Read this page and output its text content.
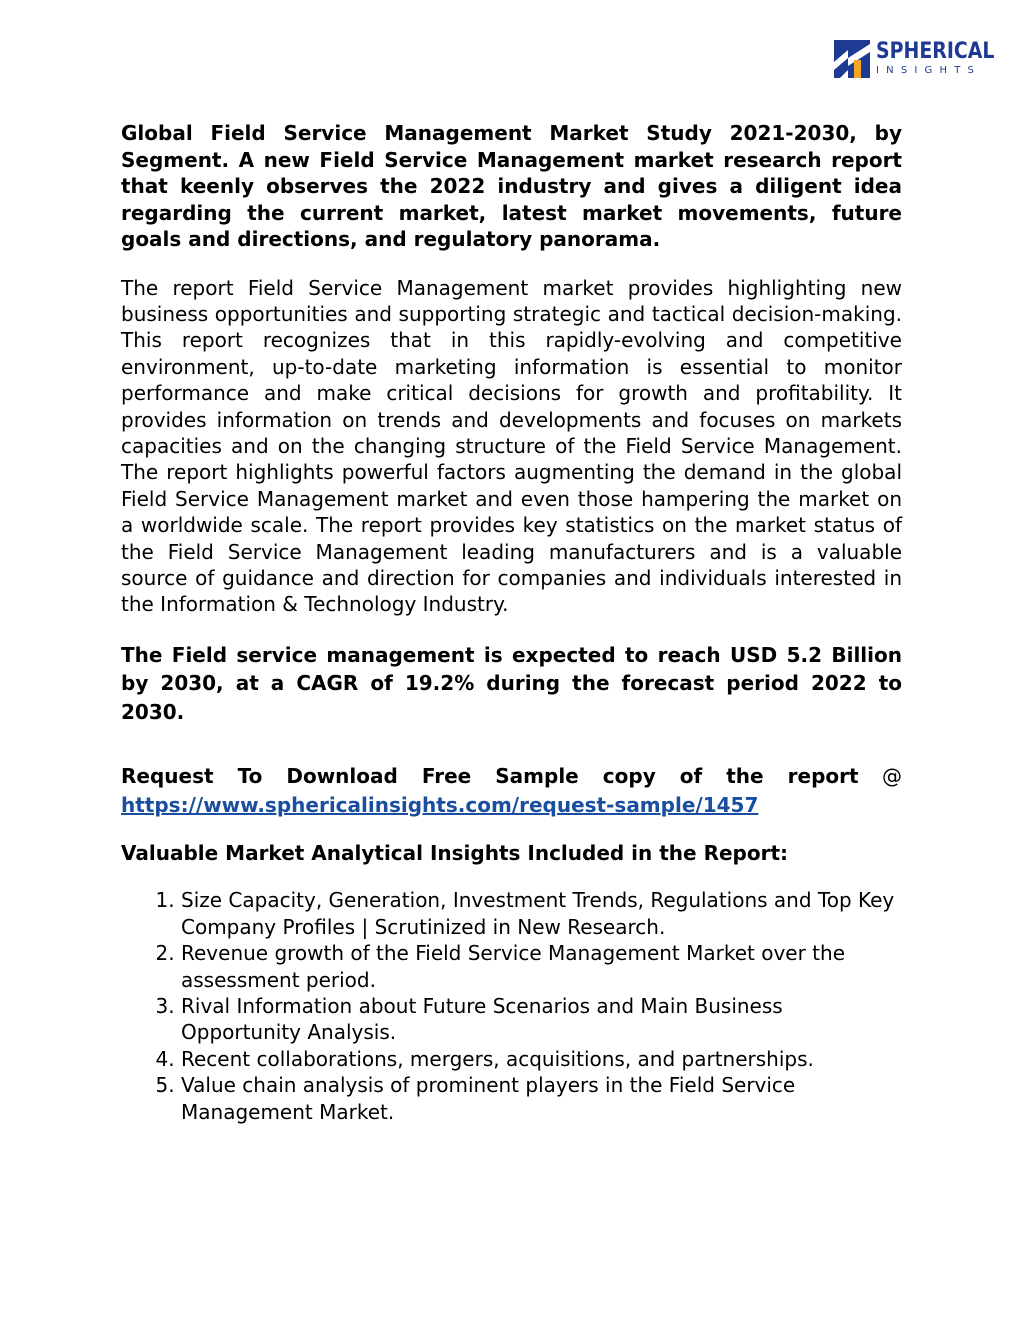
SPHERICAL
INSIGHTS

Global Field Service Management Market Study 2021-2030, by Segment. A new Field Service Management market research report that keenly observes the 2022 industry and gives a diligent idea regarding the current market, latest market movements, future goals and directions, and regulatory panorama.

The report Field Service Management market provides highlighting new business opportunities and supporting strategic and tactical decision-making. This report recognizes that in this rapidly-evolving and competitive environment, up-to-date marketing information is essential to monitor performance and make critical decisions for growth and profitability. It provides information on trends and developments and focuses on markets capacities and on the changing structure of the Field Service Management. The report highlights powerful factors augmenting the demand in the global Field Service Management market and even those hampering the market on a worldwide scale. The report provides key statistics on the market status of the Field Service Management leading manufacturers and is a valuable source of guidance and direction for companies and individuals interested in the Information & Technology Industry.

The Field service management is expected to reach USD 5.2 Billion by 2030, at a CAGR of 19.2% during the forecast period 2022 to 2030.

Request To Download Free Sample copy of the report @ https://www.sphericalinsights.com/request-sample/1457

Valuable Market Analytical Insights Included in the Report:

1. Size Capacity, Generation, Investment Trends, Regulations and Top Key Company Profiles | Scrutinized in New Research.
2. Revenue growth of the Field Service Management Market over the assessment period.
3. Rival Information about Future Scenarios and Main Business Opportunity Analysis.
4. Recent collaborations, mergers, acquisitions, and partnerships.
5. Value chain analysis of prominent players in the Field Service Management Market.
